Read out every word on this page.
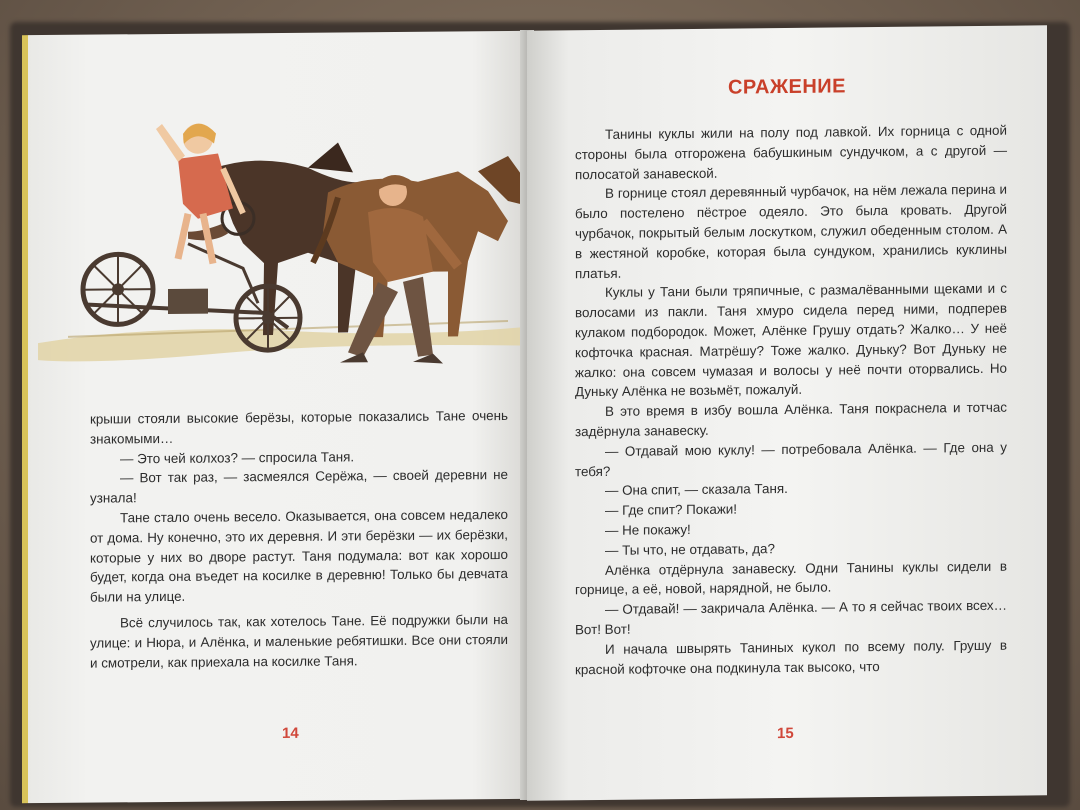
крыши стояли высокие берёзы, которые показались Тане очень знакомыми…

— Это чей колхоз? — спросила Таня.

— Вот так раз, — засмеялся Серёжа, — своей деревни не узнала!

Тане стало очень весело. Оказывается, она совсем недалеко от дома. Ну конечно, это их деревня. И эти берёзки — их берёзки, которые у них во дворе растут. Таня подумала: вот как хорошо будет, когда она въедет на косилке в деревню! Только бы девчата были на улице.

Всё случилось так, как хотелось Тане. Её подружки были на улице: и Нюра, и Алёнка, и маленькие ребятишки. Все они стояли и смотрели, как приехала на косилке Таня.

14
СРАЖЕНИЕ

Танины куклы жили на полу под лавкой. Их горница с одной стороны была отгорожена бабушкиным сундучком, а с другой — полосатой занавеской.

В горнице стоял деревянный чурбачок, на нём лежала перина и было постелено пёстрое одеяло. Это была кровать. Другой чурбачок, покрытый белым лоскутком, служил обеденным столом. А в жестяной коробке, которая была сундуком, хранились куклины платья.

Куклы у Тани были тряпичные, с размалёванными щеками и с волосами из пакли. Таня хмуро сидела перед ними, подперев кулаком подбородок. Может, Алёнке Грушу отдать? Жалко… У неё кофточка красная. Матрёшу? Тоже жалко. Дуньку? Вот Дуньку не жалко: она совсем чумазая и волосы у неё почти оторвались. Но Дуньку Алёнка не возьмёт, пожалуй.

В это время в избу вошла Алёнка. Таня покраснела и тотчас задёрнула занавеску.

— Отдавай мою куклу! — потребовала Алёнка. — Где она у тебя?

— Она спит, — сказала Таня.

— Где спит? Покажи!

— Не покажу!

— Ты что, не отдавать, да?

Алёнка отдёрнула занавеску. Одни Танины куклы сидели в горнице, а её, новой, нарядной, не было.

— Отдавай! — закричала Алёнка. — А то я сейчас твоих всех… Вот! Вот!

И начала швырять Таниных кукол по всему полу. Грушу в красной кофточке она подкинула так высоко, что

15
